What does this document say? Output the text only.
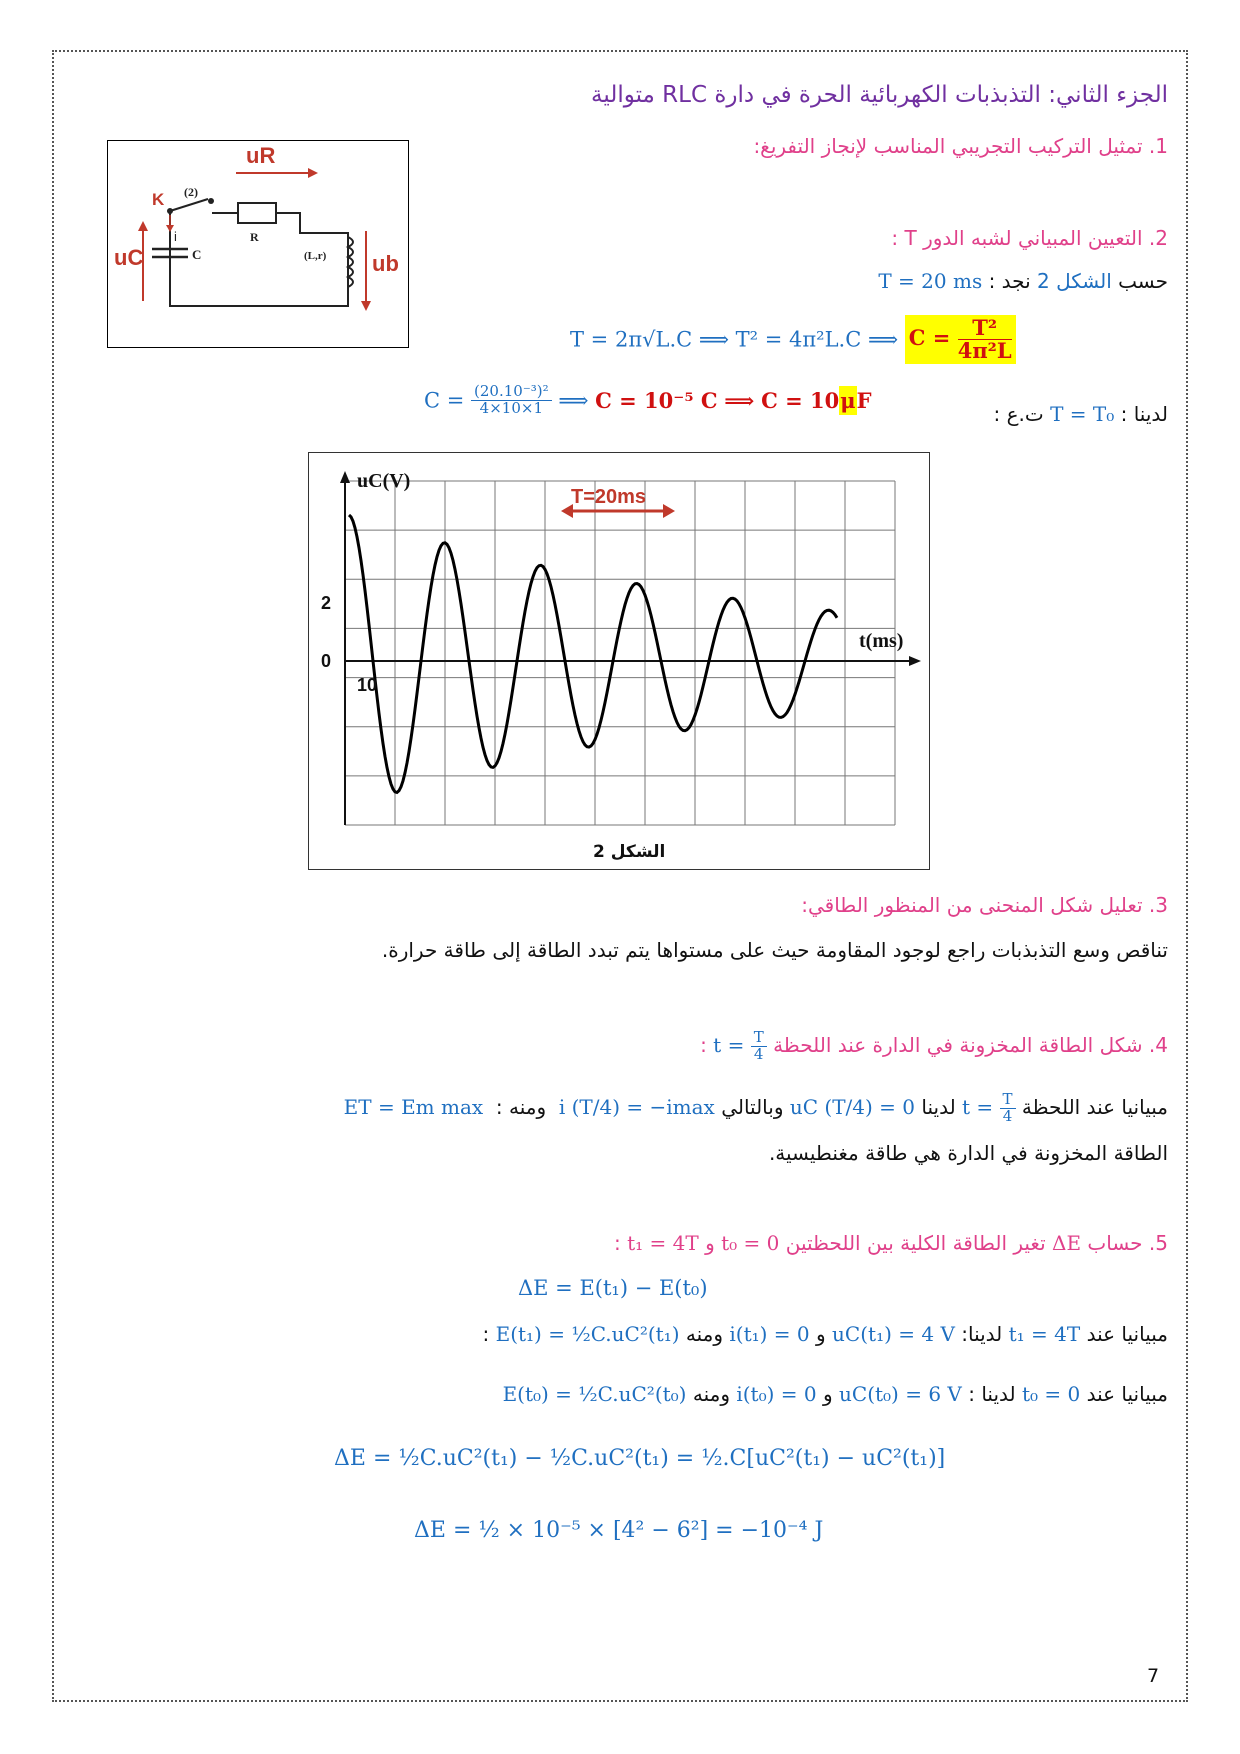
الجزء الثاني: التذبذبات الكهربائية الحرة في دارة RLC متوالية
1. تمثيل التركيب التجريبي المناسب لإنجاز التفريغ:
uR
K (2)
i	R
uC	C	(L,r) ub
2. التعيين المبياني لشبه الدور T :
حسب الشكل 2 نجد : T = 20 ms
T = 2π√L.C ⟹ T² = 4π²L.C ⟹ $C = \frac{\text{T²}}{\text{4π²L}}$
لدينا : T = T₀ ت.ع :
$C = \frac{\text{(20.10⁻³)²}}{4\times 10\times 1}$ ⟹ C = 10⁻⁵ C ⟹ C = 10μF
uC(V)
t(ms)
2
0
10
T=20ms
الشكل 2
3. تعليل شكل المنحنى من المنظور الطاقي:
تناقص وسع التذبذبات راجع لوجود المقاومة حيث على مستواها يتم تبدد الطاقة إلى طاقة حرارة.
4. شكل الطاقة المخزونة في الدارة عند اللحظة $t = \frac{T}{4}$
:
مبيانيا عند اللحظة $t = \frac{T}{4}$
لدينا uC (T/4) = 0 وبالتالي i (T/4) = −imax  ومنه :  ET = Em max
الطاقة المخزونة في الدارة هي طاقة مغنطيسية.
5. حساب ΔE تغير الطاقة الكلية بين اللحظتين t₀ = 0 و t₁ = 4T :
ΔE = E(t₁) − E(t₀)
مبيانيا عند t₁ = 4T لدينا: uC(t₁) = 4 V و i(t₁) = 0 ومنه E(t₁) = ½C.uC²(t₁) :
مبيانيا عند t₀ = 0 لدينا : uC(t₀) = 6 V و i(t₀) = 0 ومنه E(t₀) = ½C.uC²(t₀)
ΔE = ½C.uC²(t₁) − ½C.uC²(t₁) = ½.C[uC²(t₁) − uC²(t₁)]
ΔE = ½ × 10⁻⁵ × [4² − 6²] = −10⁻⁴ J
7
